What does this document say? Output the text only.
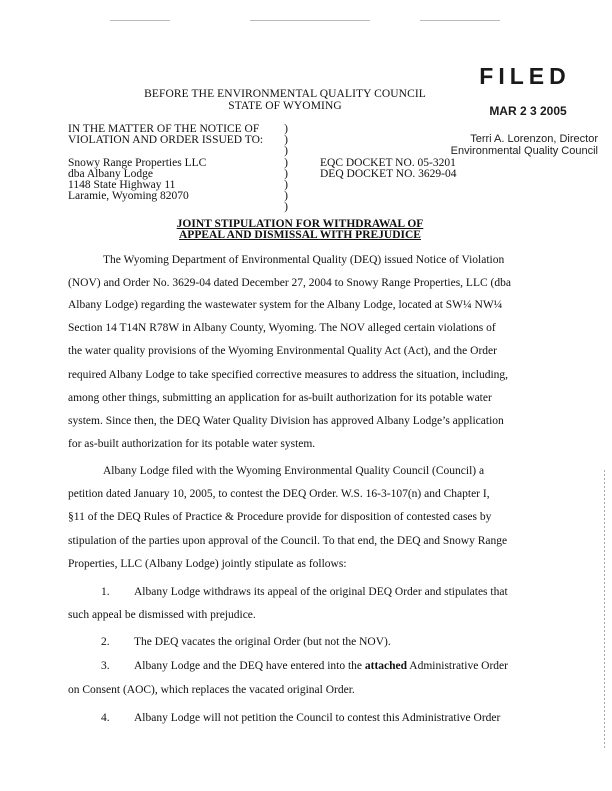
BEFORE THE ENVIRONMENTAL QUALITY COUNCIL
STATE OF WYOMING
FILED
MAR 2 3 2005
Terri A. Lorenzon, Director
Environmental Quality Council
IN THE MATTER OF THE NOTICE OF
VIOLATION AND ORDER ISSUED TO:
Snowy Range Properties LLC
dba Albany Lodge
1148 State Highway 11
Laramie, Wyoming 82070
)
)
)
)
)
)
)
)
EQC DOCKET NO. 05-3201
DEQ DOCKET NO. 3629-04
JOINT STIPULATION FOR WITHDRAWAL OF
APPEAL AND DISMISSAL WITH PREJUDICE
The Wyoming Department of Environmental Quality (DEQ) issued Notice of Violation
(NOV) and Order No. 3629-04 dated December 27, 2004 to Snowy Range Properties, LLC (dba
Albany Lodge) regarding the wastewater system for the Albany Lodge, located at SW¼ NW¼
Section 14 T14N R78W in Albany County, Wyoming. The NOV alleged certain violations of
the water quality provisions of the Wyoming Environmental Quality Act (Act), and the Order
required Albany Lodge to take specified corrective measures to address the situation, including,
among other things, submitting an application for as-built authorization for its potable water
system. Since then, the DEQ Water Quality Division has approved Albany Lodge’s application
for as-built authorization for its potable water system.
Albany Lodge filed with the Wyoming Environmental Quality Council (Council) a
petition dated January 10, 2005, to contest the DEQ Order. W.S. 16-3-107(n) and Chapter I,
§11 of the DEQ Rules of Practice & Procedure provide for disposition of contested cases by
stipulation of the parties upon approval of the Council. To that end, the DEQ and Snowy Range
Properties, LLC (Albany Lodge) jointly stipulate as follows:
1. Albany Lodge withdraws its appeal of the original DEQ Order and stipulates that
such appeal be dismissed with prejudice.
2. The DEQ vacates the original Order (but not the NOV).
3. Albany Lodge and the DEQ have entered into the attached Administrative Order
on Consent (AOC), which replaces the vacated original Order.
4. Albany Lodge will not petition the Council to contest this Administrative Order
